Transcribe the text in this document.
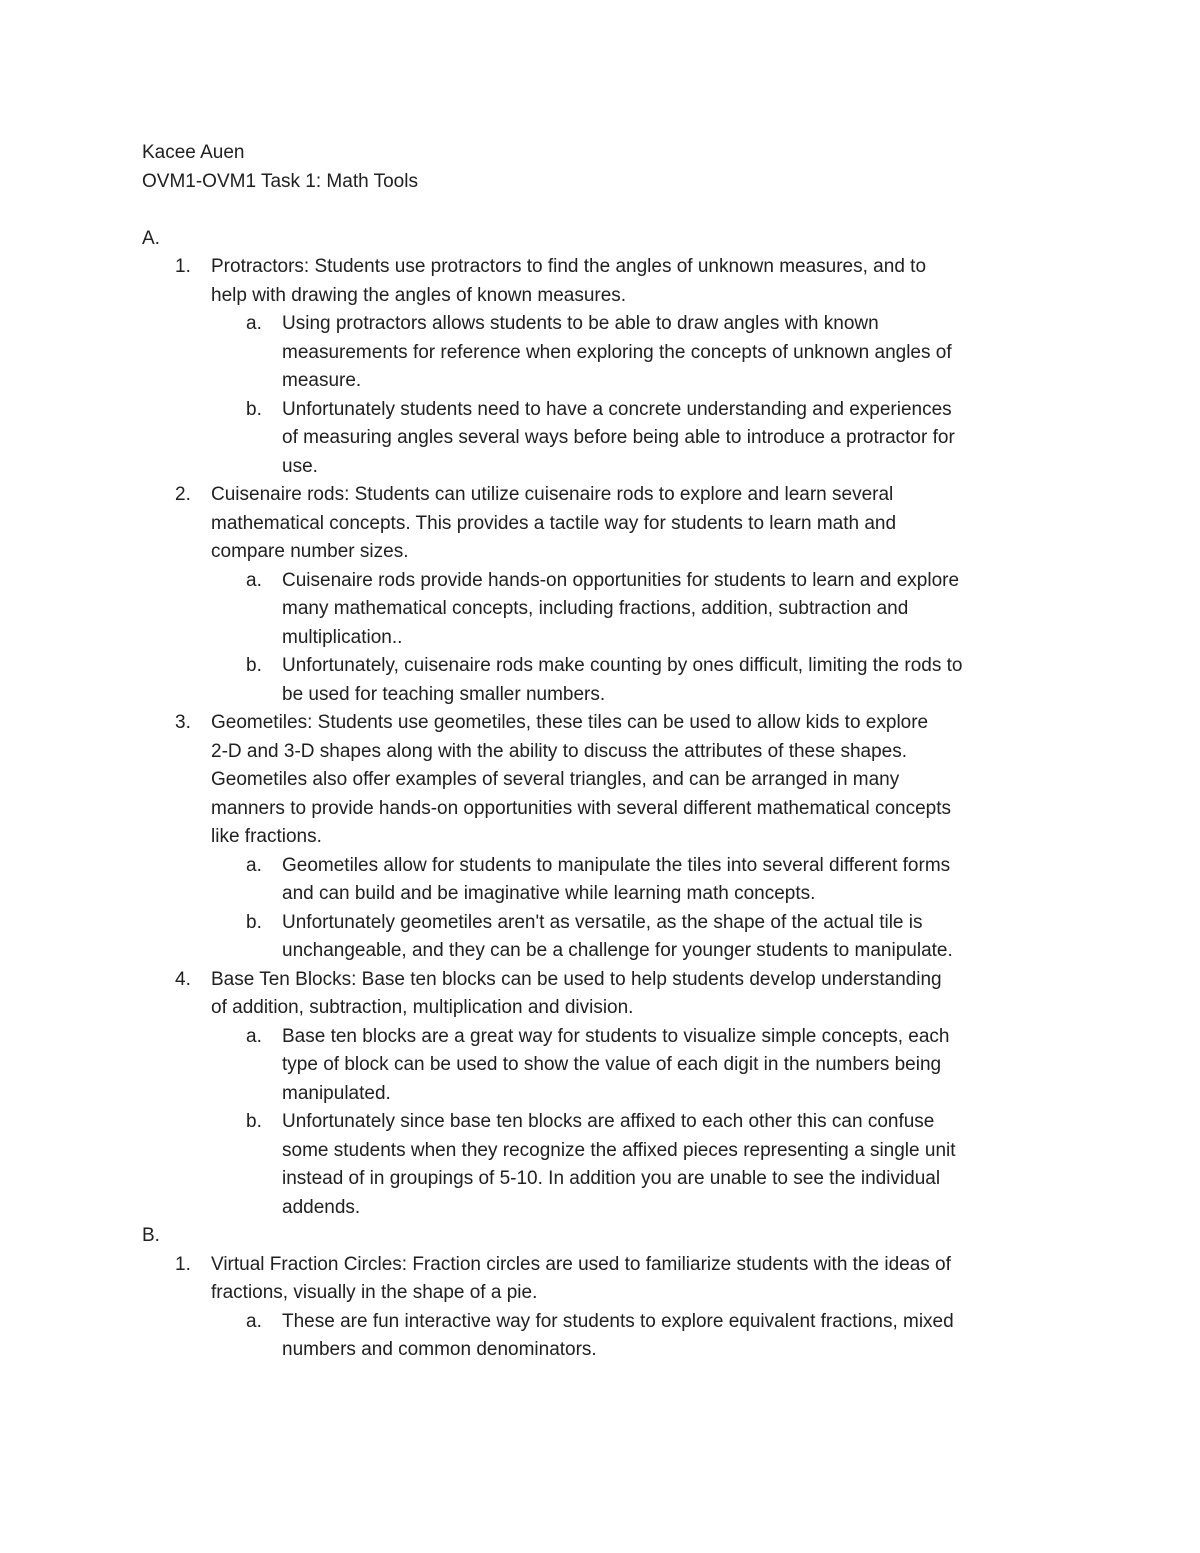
Kacee Auen
OVM1-OVM1 Task 1: Math Tools
A.
1. Protractors: Students use protractors to find the angles of unknown measures, and to
help with drawing the angles of known measures.
a. Using protractors allows students to be able to draw angles with known
measurements for reference when exploring the concepts of unknown angles of
measure.
b. Unfortunately students need to have a concrete understanding and experiences
of measuring angles several ways before being able to introduce a protractor for
use.
2. Cuisenaire rods: Students can utilize cuisenaire rods to explore and learn several
mathematical concepts. This provides a tactile way for students to learn math and
compare number sizes.
a. Cuisenaire rods provide hands-on opportunities for students to learn and explore
many mathematical concepts, including fractions, addition, subtraction and
multiplication..
b. Unfortunately, cuisenaire rods make counting by ones difficult, limiting the rods to
be used for teaching smaller numbers.
3. Geometiles: Students use geometiles, these tiles can be used to allow kids to explore
2-D and 3-D shapes along with the ability to discuss the attributes of these shapes.
Geometiles also offer examples of several triangles, and can be arranged in many
manners to provide hands-on opportunities with several different mathematical concepts
like fractions.
a. Geometiles allow for students to manipulate the tiles into several different forms
and can build and be imaginative while learning math concepts.
b. Unfortunately geometiles aren't as versatile, as the shape of the actual tile is
unchangeable, and they can be a challenge for younger students to manipulate.
4. Base Ten Blocks: Base ten blocks can be used to help students develop understanding
of addition, subtraction, multiplication and division.
a. Base ten blocks are a great way for students to visualize simple concepts, each
type of block can be used to show the value of each digit in the numbers being
manipulated.
b. Unfortunately since base ten blocks are affixed to each other this can confuse
some students when they recognize the affixed pieces representing a single unit
instead of in groupings of 5-10. In addition you are unable to see the individual
addends.
B.
1. Virtual Fraction Circles: Fraction circles are used to familiarize students with the ideas of
fractions, visually in the shape of a pie.
a. These are fun interactive way for students to explore equivalent fractions, mixed
numbers and common denominators.
